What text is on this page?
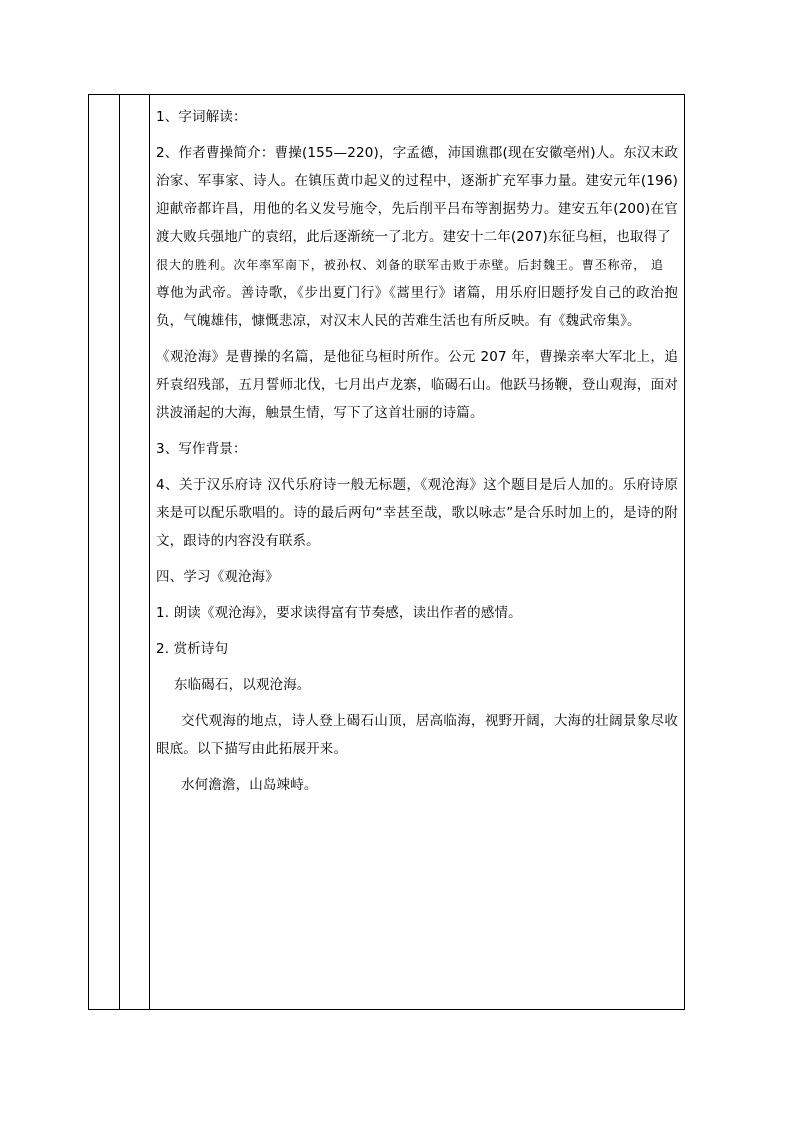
1、字词解读：

2、作者曹操简介：曹操(155—220)，字孟德，沛国谯郡(现在安徽亳州)人。东汉末政治家、军事家、诗人。在镇压黄巾起义的过程中，逐渐扩充军事力量。建安元年(196)迎献帝都许昌，用他的名义发号施令，先后削平吕布等割据势力。建安五年(200)在官渡大败兵强地广的袁绍，此后逐渐统一了北方。建安十二年(207)东征乌桓，也取得了

很大的胜利。次年率军南下，被孙权、刘备的联军击败于赤壁。后封魏王。曹丕称帝， 追

尊他为武帝。善诗歌，《步出夏门行》《蒿里行》诸篇，用乐府旧题抒发自己的政治抱负，气魄雄伟，慷慨悲凉，对汉末人民的苦难生活也有所反映。有《魏武帝集》。

《观沧海》是曹操的名篇，是他征乌桓时所作。公元 207 年，曹操亲率大军北上，追歼袁绍残部，五月誓师北伐，七月出卢龙寨，临碣石山。他跃马扬鞭，登山观海，面对洪波涌起的大海，触景生情，写下了这首壮丽的诗篇。

3、写作背景：

4、关于汉乐府诗 汉代乐府诗一般无标题，《观沧海》这个题目是后人加的。乐府诗原来是可以配乐歌唱的。诗的最后两句“幸甚至哉，歌以咏志”是合乐时加上的，是诗的附文，跟诗的内容没有联系。

四、学习《观沧海》

1. 朗读《观沧海》，要求读得富有节奏感，读出作者的感情。

2. 赏析诗句

东临碣石，以观沧海。

交代观海的地点，诗人登上碣石山顶，居高临海，视野开阔，大海的壮阔景象尽收眼底。以下描写由此拓展开来。

水何澹澹，山岛竦峙。
